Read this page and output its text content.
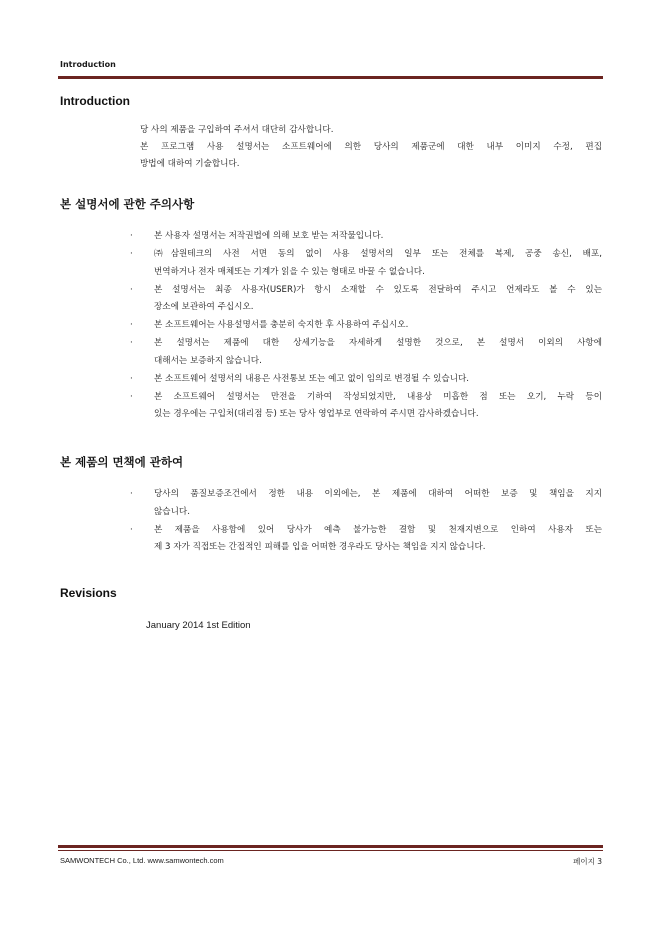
Introduction
Introduction
당 사의 제품을 구입하여 주셔서 대단히 감사합니다.
본 프로그램 사용 설명서는 소프트웨어에 의한 당사의 제품군에 대한 내부 이미지 수정, 편집
방법에 대하여 기술합니다.
본 설명서에 관한 주의사항
· 본 사용자 설명서는 저작권법에 의해 보호 받는 저작물입니다.
· ㈜삼원테크의 사전 서면 동의 없이 사용 설명서의 일부 또는 전체를 복제, 공중 송신, 배포,
번역하거나 전자 매체또는 기계가 읽을 수 있는 형태로 바꿀 수 없습니다.
· 본 설명서는 최종 사용자(USER)가 항시 소재할 수 있도록 전달하여 주시고 언제라도 볼 수 있는
장소에 보관하여 주십시오.
· 본 소프트웨어는 사용설명서를 충분히 숙지한 후 사용하여 주십시오.
· 본 설명서는 제품에 대한 상세기능을 자세하게 설명한 것으로, 본 설명서 이외의 사항에
대해서는 보증하지 않습니다.
· 본 소프트웨어 설명서의 내용은 사전통보 또는 예고 없이 임의로 변경될 수 있습니다.
· 본 소프트웨어 설명서는 만전을 기하여 작성되었지만, 내용상 미흡한 점 또는 오기, 누락 등이
있는 경우에는 구입처(대리점 등) 또는 당사 영업부로 연락하여 주시면 감사하겠습니다.
본 제품의 면책에 관하여
· 당사의 품질보증조건에서 정한 내용 이외에는, 본 제품에 대하여 어떠한 보증 및 책임을 지지
않습니다.
· 본 제품을 사용함에 있어 당사가 예측 불가능한 결함 및 천재지변으로 인하여 사용자 또는
제 3 자가 직접또는 간접적인 피해를 입을 어떠한 경우라도 당사는 책임을 지지 않습니다.
Revisions
January 2014 1st Edition
SAMWONTECH Co., Ltd. www.samwontech.com	페이지 3
